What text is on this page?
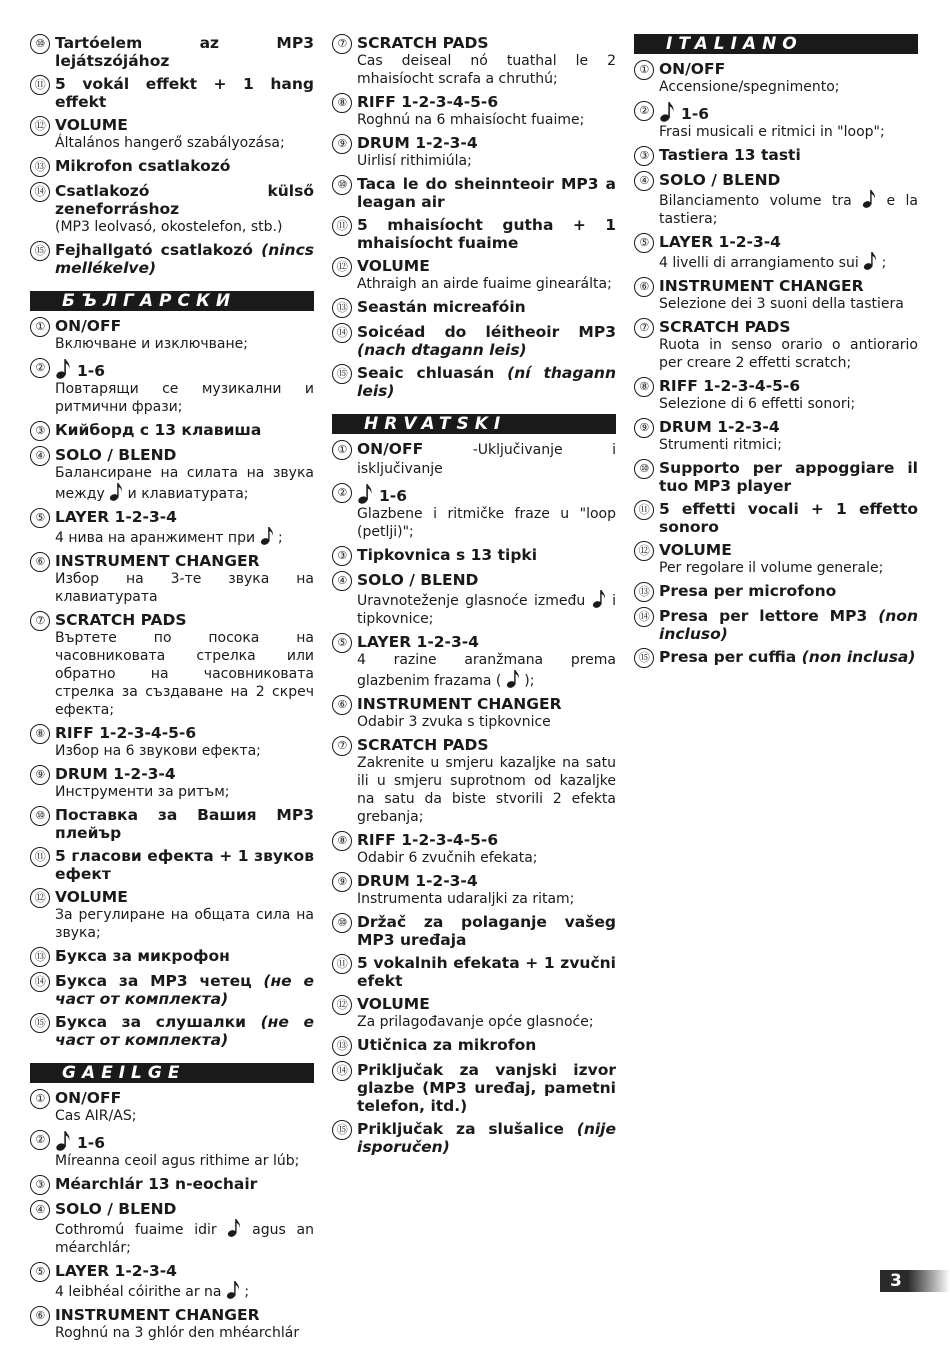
⑩ Tartóelem az MP3 lejátszójához
⑪ 5 vokál effekt + 1 hang effekt
⑫ VOLUME
Általános hangerő szabályozása;
⑬ Mikrofon csatlakozó
⑭ Csatlakozó külső zeneforráshoz
(MP3 leolvasó, okostelefon, stb.)
⑮ Fejhallgató csatlakozó (nincs mellékelve)
БЪЛГАРСКИ
① ON/OFF
Включване и изключване;
②	1-6
Повтарящи се музикални и ритмични фрази;
③ Кийборд с 13 клавиша
④ SOLO / BLEND
Балансиране на силата на звука между и клавиатурата;
⑤ LAYER 1-2-3-4
4 нива на аранжимент при ;
⑥ INSTRUMENT CHANGER
Избор на 3-те звука на клавиатурата
⑦ SCRATCH PADS
Въртете по посока на часовниковата стрелка или обратно на часовниковата стрелка за създаване на 2 скреч ефекта;
⑧ RIFF 1-2-3-4-5-6
Избор на 6 звукови ефекта;
⑨ DRUM 1-2-3-4
Инструменти за ритъм;
⑩ Поставка за Вашия MP3 плейър
⑪ 5 гласови ефекта + 1 звуков ефект
⑫ VOLUME
За регулиране на общата сила на звука;
⑬ Букса за микрофон
⑭ Букса за MP3 четец (не е част от комплекта)
⑮ Букса за слушалки (не е част от комплекта)
GAEILGE
① ON/OFF
Cas AIR/AS;
②	1-6
Míreanna ceoil agus rithime ar lúb;
③ Méarchlár 13 n-eochair
④ SOLO / BLEND
Cothromú fuaime idir	agus an méarchlár;
⑤ LAYER 1-2-3-4
4 leibhéal cóirithe ar na ;
⑥ INSTRUMENT CHANGER
Roghnú na 3 ghlór den mhéarchlár
⑦ SCRATCH PADS
Cas deiseal nó tuathal le 2 mhaisíocht scrafa a chruthú;
⑧ RIFF 1-2-3-4-5-6
Roghnú na 6 mhaisíocht fuaime;
⑨ DRUM 1-2-3-4
Uirlisí rithimiúla;
⑩ Taca le do sheinnteoir MP3 a leagan air
⑪ 5 mhaisíocht gutha + 1 mhaisíocht fuaime
⑫ VOLUME
Athraigh an airde fuaime ginearálta;
⑬ Seastán micreafóin
⑭ Soicéad do léitheoir MP3 (nach dtagann leis)
⑮ Seaic chluasán (ní thagann leis)
HRVATSKI
① ON/OFF -Uključivanje i isključivanje
②	1-6
Glazbene i ritmičke fraze u "loop (petlji)";
③ Tipkovnica s 13 tipki
④ SOLO / BLEND
Uravnoteženje glasnoće između i tipkovnice;
⑤ LAYER 1-2-3-4
4 razine aranžmana prema glazbenim frazama ( );
⑥ INSTRUMENT CHANGER
Odabir 3 zvuka s tipkovnice
⑦ SCRATCH PADS
Zakrenite u smjeru kazaljke na satu ili u smjeru suprotnom od kazaljke na satu da biste stvorili 2 efekta grebanja;
⑧ RIFF 1-2-3-4-5-6
Odabir 6 zvučnih efekata;
⑨ DRUM 1-2-3-4
Instrumenta udaraljki za ritam;
⑩ Držač za polaganje vašeg MP3 uređaja
⑪ 5 vokalnih efekata + 1 zvučni efekt
⑫ VOLUME
Za prilagođavanje opće glasnoće;
⑬ Utičnica za mikrofon
⑭ Priključak za vanjski izvor glazbe (MP3 uređaj, pametni telefon, itd.)
⑮ Priključak za slušalice (nije isporučen)
ITALIANO
① ON/OFF
Accensione/spegnimento;
②	1-6
Frasi musicali e ritmici in "loop";
③ Tastiera 13 tasti
④ SOLO / BLEND
Bilanciamento volume tra e la tastiera;
⑤ LAYER 1-2-3-4
4 livelli di arrangiamento sui ;
⑥ INSTRUMENT CHANGER
Selezione dei 3 suoni della tastiera
⑦ SCRATCH PADS
Ruota in senso orario o antiorario per creare 2 effetti scratch;
⑧ RIFF 1-2-3-4-5-6
Selezione di 6 effetti sonori;
⑨ DRUM 1-2-3-4
Strumenti ritmici;
⑩ Supporto per appoggiare il tuo MP3 player
⑪ 5 effetti vocali + 1 effetto sonoro
⑫ VOLUME
Per regolare il volume generale;
⑬ Presa per microfono
⑭ Presa per lettore MP3 (non incluso)
⑮ Presa per cuffia (non inclusa)
3
